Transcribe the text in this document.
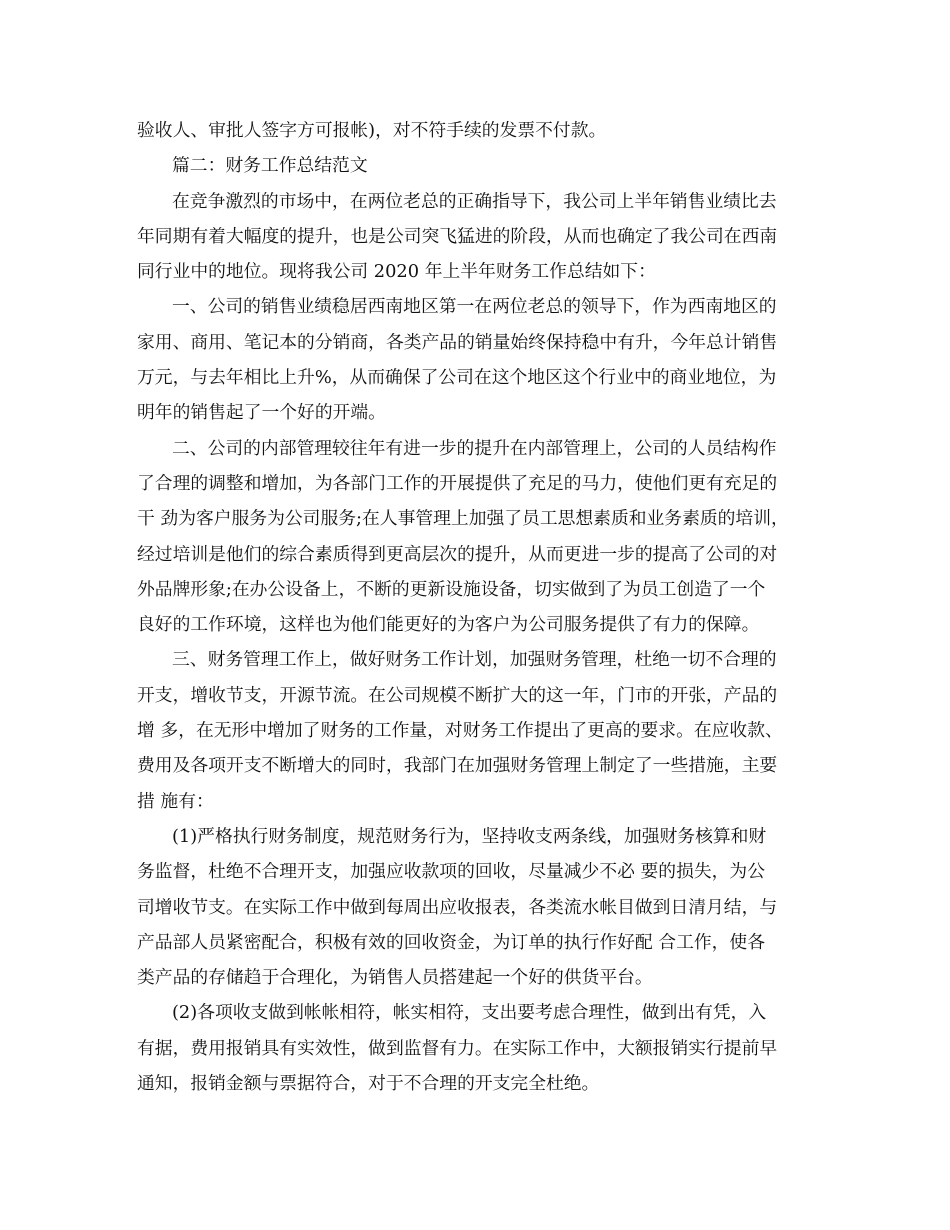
验收人、审批人签字方可报帐)，对不符手续的发票不付款。
篇二：财务工作总结范文
在竞争激烈的市场中，在两位老总的正确指导下，我公司上半年销售业绩比去
年同期有着大幅度的提升，也是公司突飞猛进的阶段，从而也确定了我公司在西南
同行业中的地位。现将我公司 2020 年上半年财务工作总结如下：
一、公司的销售业绩稳居西南地区第一在两位老总的领导下，作为西南地区的
家用、商用、笔记本的分销商，各类产品的销量始终保持稳中有升，今年总计销售
万元，与去年相比上升%，从而确保了公司在这个地区这个行业中的商业地位，为
明年的销售起了一个好的开端。
二、公司的内部管理较往年有进一步的提升在内部管理上，公司的人员结构作
了合理的调整和增加，为各部门工作的开展提供了充足的马力，使他们更有充足的
干 劲为客户服务为公司服务;在人事管理上加强了员工思想素质和业务素质的培训，
经过培训是他们的综合素质得到更高层次的提升，从而更进一步的提高了公司的对
外品牌形象;在办公设备上，不断的更新设施设备，切实做到了为员工创造了一个
良好的工作环境，这样也为他们能更好的为客户为公司服务提供了有力的保障。
三、财务管理工作上，做好财务工作计划，加强财务管理，杜绝一切不合理的
开支，增收节支，开源节流。在公司规模不断扩大的这一年，门市的开张，产品的
增 多，在无形中增加了财务的工作量，对财务工作提出了更高的要求。在应收款、
费用及各项开支不断增大的同时，我部门在加强财务管理上制定了一些措施，主要
措 施有：
(1)严格执行财务制度，规范财务行为，坚持收支两条线，加强财务核算和财
务监督，杜绝不合理开支，加强应收款项的回收，尽量减少不必 要的损失，为公
司增收节支。在实际工作中做到每周出应收报表，各类流水帐目做到日清月结，与
产品部人员紧密配合，积极有效的回收资金，为订单的执行作好配 合工作，使各
类产品的存储趋于合理化，为销售人员搭建起一个好的供货平台。
(2)各项收支做到帐帐相符，帐实相符，支出要考虑合理性，做到出有凭，入
有据，费用报销具有实效性，做到监督有力。在实际工作中，大额报销实行提前早
通知，报销金额与票据符合，对于不合理的开支完全杜绝。
